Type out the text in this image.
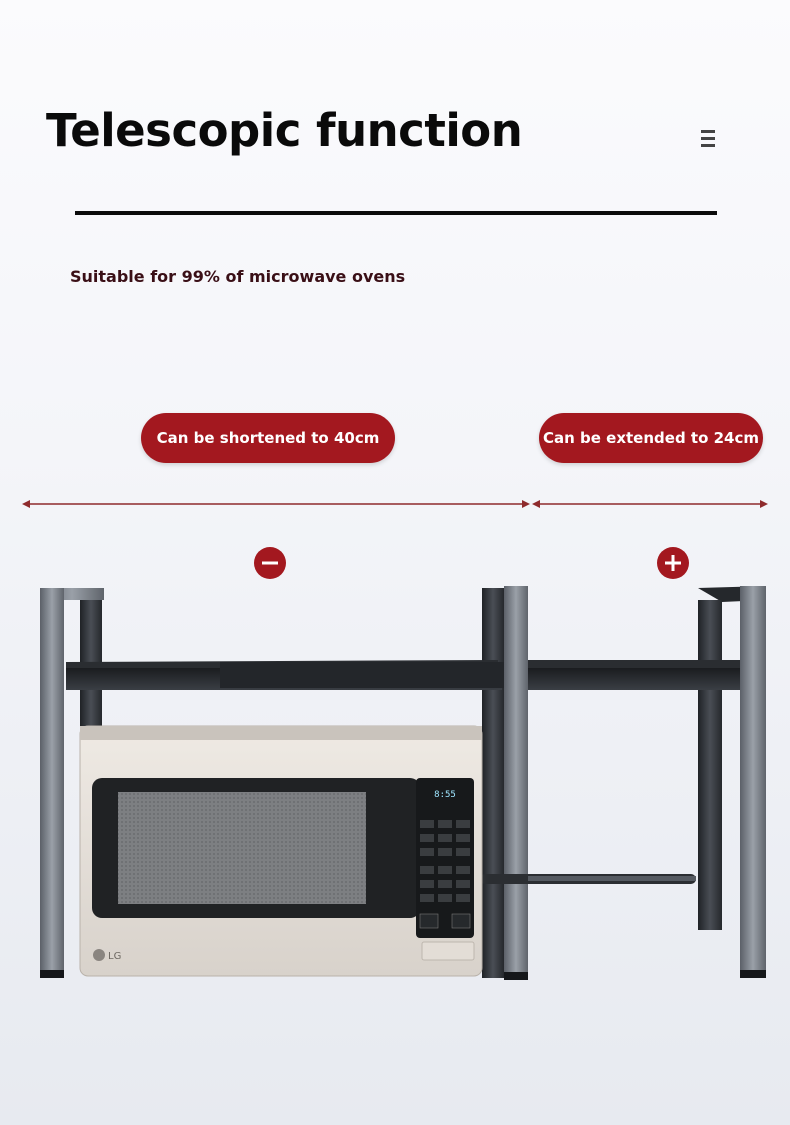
Telescopic function
Suitable for 99% of microwave ovens
Can be shortened to 40cm	Can be extended to 24cm
8:55
LG
